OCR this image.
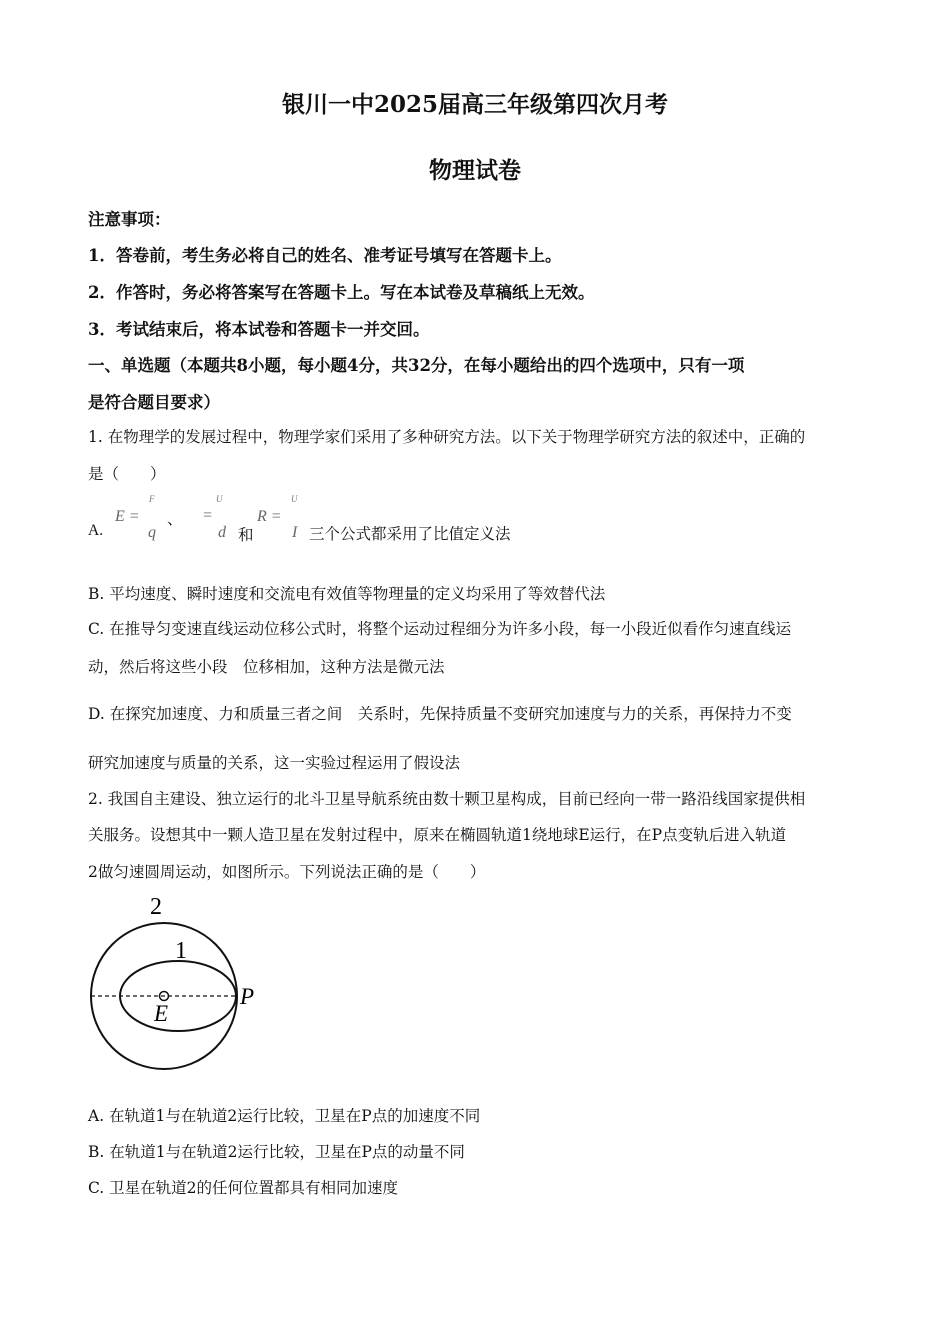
银川一中2025届高三年级第四次月考
物理试卷
注意事项：
1．答卷前，考生务必将自己的姓名、准考证号填写在答题卡上。
2．作答时，务必将答案写在答题卡上。写在本试卷及草稿纸上无效。
3．考试结束后，将本试卷和答题卡一并交回。
一、单选题（本题共8小题，每小题4分，共32分，在每小题给出的四个选项中，只有一项
是符合题目要求）
1. 在物理学的发展过程中，物理学家们采用了多种研究方法。以下关于物理学研究方法的叙述中，正确的
是（　　）
A.
E =
F
q
、 =
U
d 和
R =
U
I 三个公式都采用了比值定义法
B. 平均速度、瞬时速度和交流电有效值等物理量的定义均采用了等效替代法
C. 在推导匀变速直线运动位移公式时，将整个运动过程细分为许多小段，每一小段近似看作匀速直线运
动，然后将这些小段　位移相加，这种方法是微元法
D. 在探究加速度、力和质量三者之间　关系时，先保持质量不变研究加速度与力的关系，再保持力不变
研究加速度与质量的关系，这一实验过程运用了假设法
2. 我国自主建设、独立运行的北斗卫星导航系统由数十颗卫星构成，目前已经向一带一路沿线国家提供相
关服务。设想其中一颗人造卫星在发射过程中，原来在椭圆轨道1绕地球E运行，在P点变轨后进入轨道
2做匀速圆周运动，如图所示。下列说法正确的是（　　）
2
1
E
P
A. 在轨道1与在轨道2运行比较，卫星在P点的加速度不同
B. 在轨道1与在轨道2运行比较，卫星在P点的动量不同
C. 卫星在轨道2的任何位置都具有相同加速度
